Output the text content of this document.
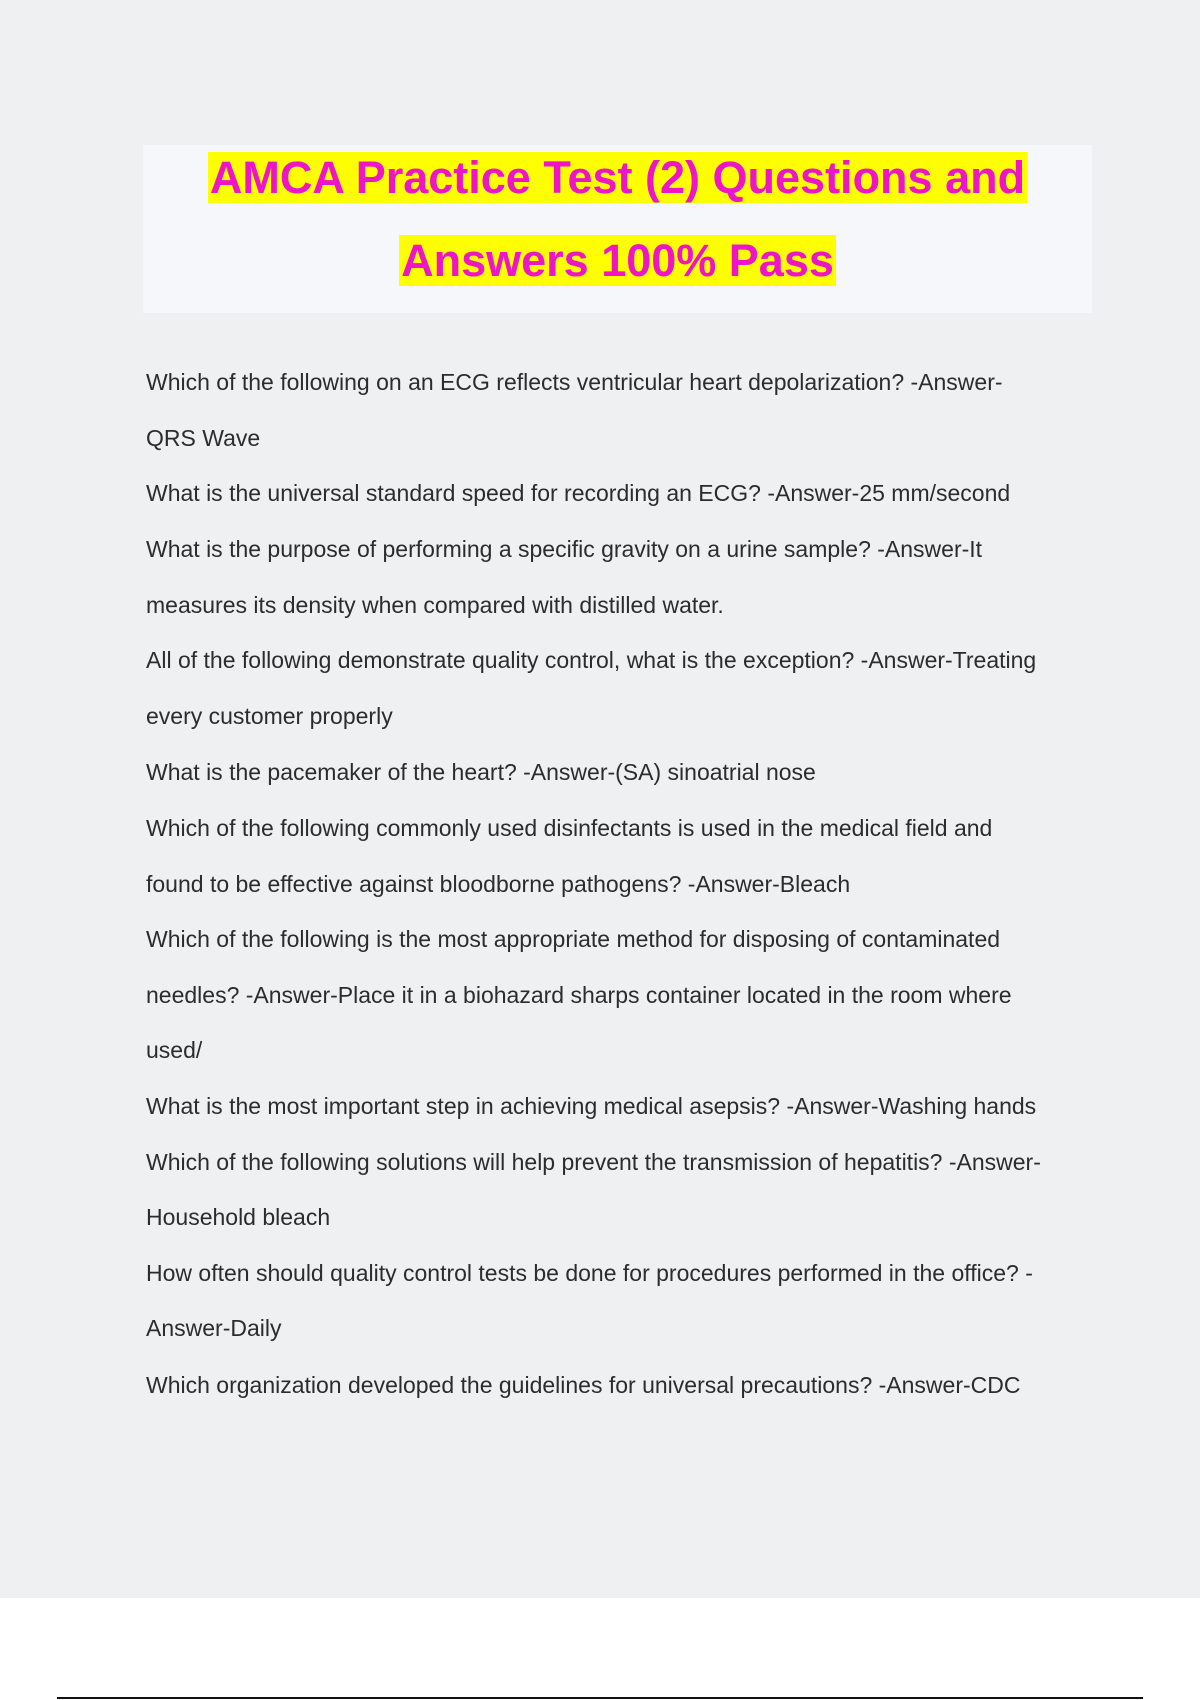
AMCA Practice Test (2) Questions and
Answers 100% Pass
Which of the following on an ECG reflects ventricular heart depolarization? -Answer-
QRS Wave
What is the universal standard speed for recording an ECG? -Answer-25 mm/second
What is the purpose of performing a specific gravity on a urine sample? -Answer-It
measures its density when compared with distilled water.
All of the following demonstrate quality control, what is the exception? -Answer-Treating
every customer properly
What is the pacemaker of the heart? -Answer-(SA) sinoatrial nose
Which of the following commonly used disinfectants is used in the medical field and
found to be effective against bloodborne pathogens? -Answer-Bleach
Which of the following is the most appropriate method for disposing of contaminated
needles? -Answer-Place it in a biohazard sharps container located in the room where
used/
What is the most important step in achieving medical asepsis? -Answer-Washing hands
Which of the following solutions will help prevent the transmission of hepatitis? -Answer-
Household bleach
How often should quality control tests be done for procedures performed in the office? -
Answer-Daily
Which organization developed the guidelines for universal precautions? -Answer-CDC
